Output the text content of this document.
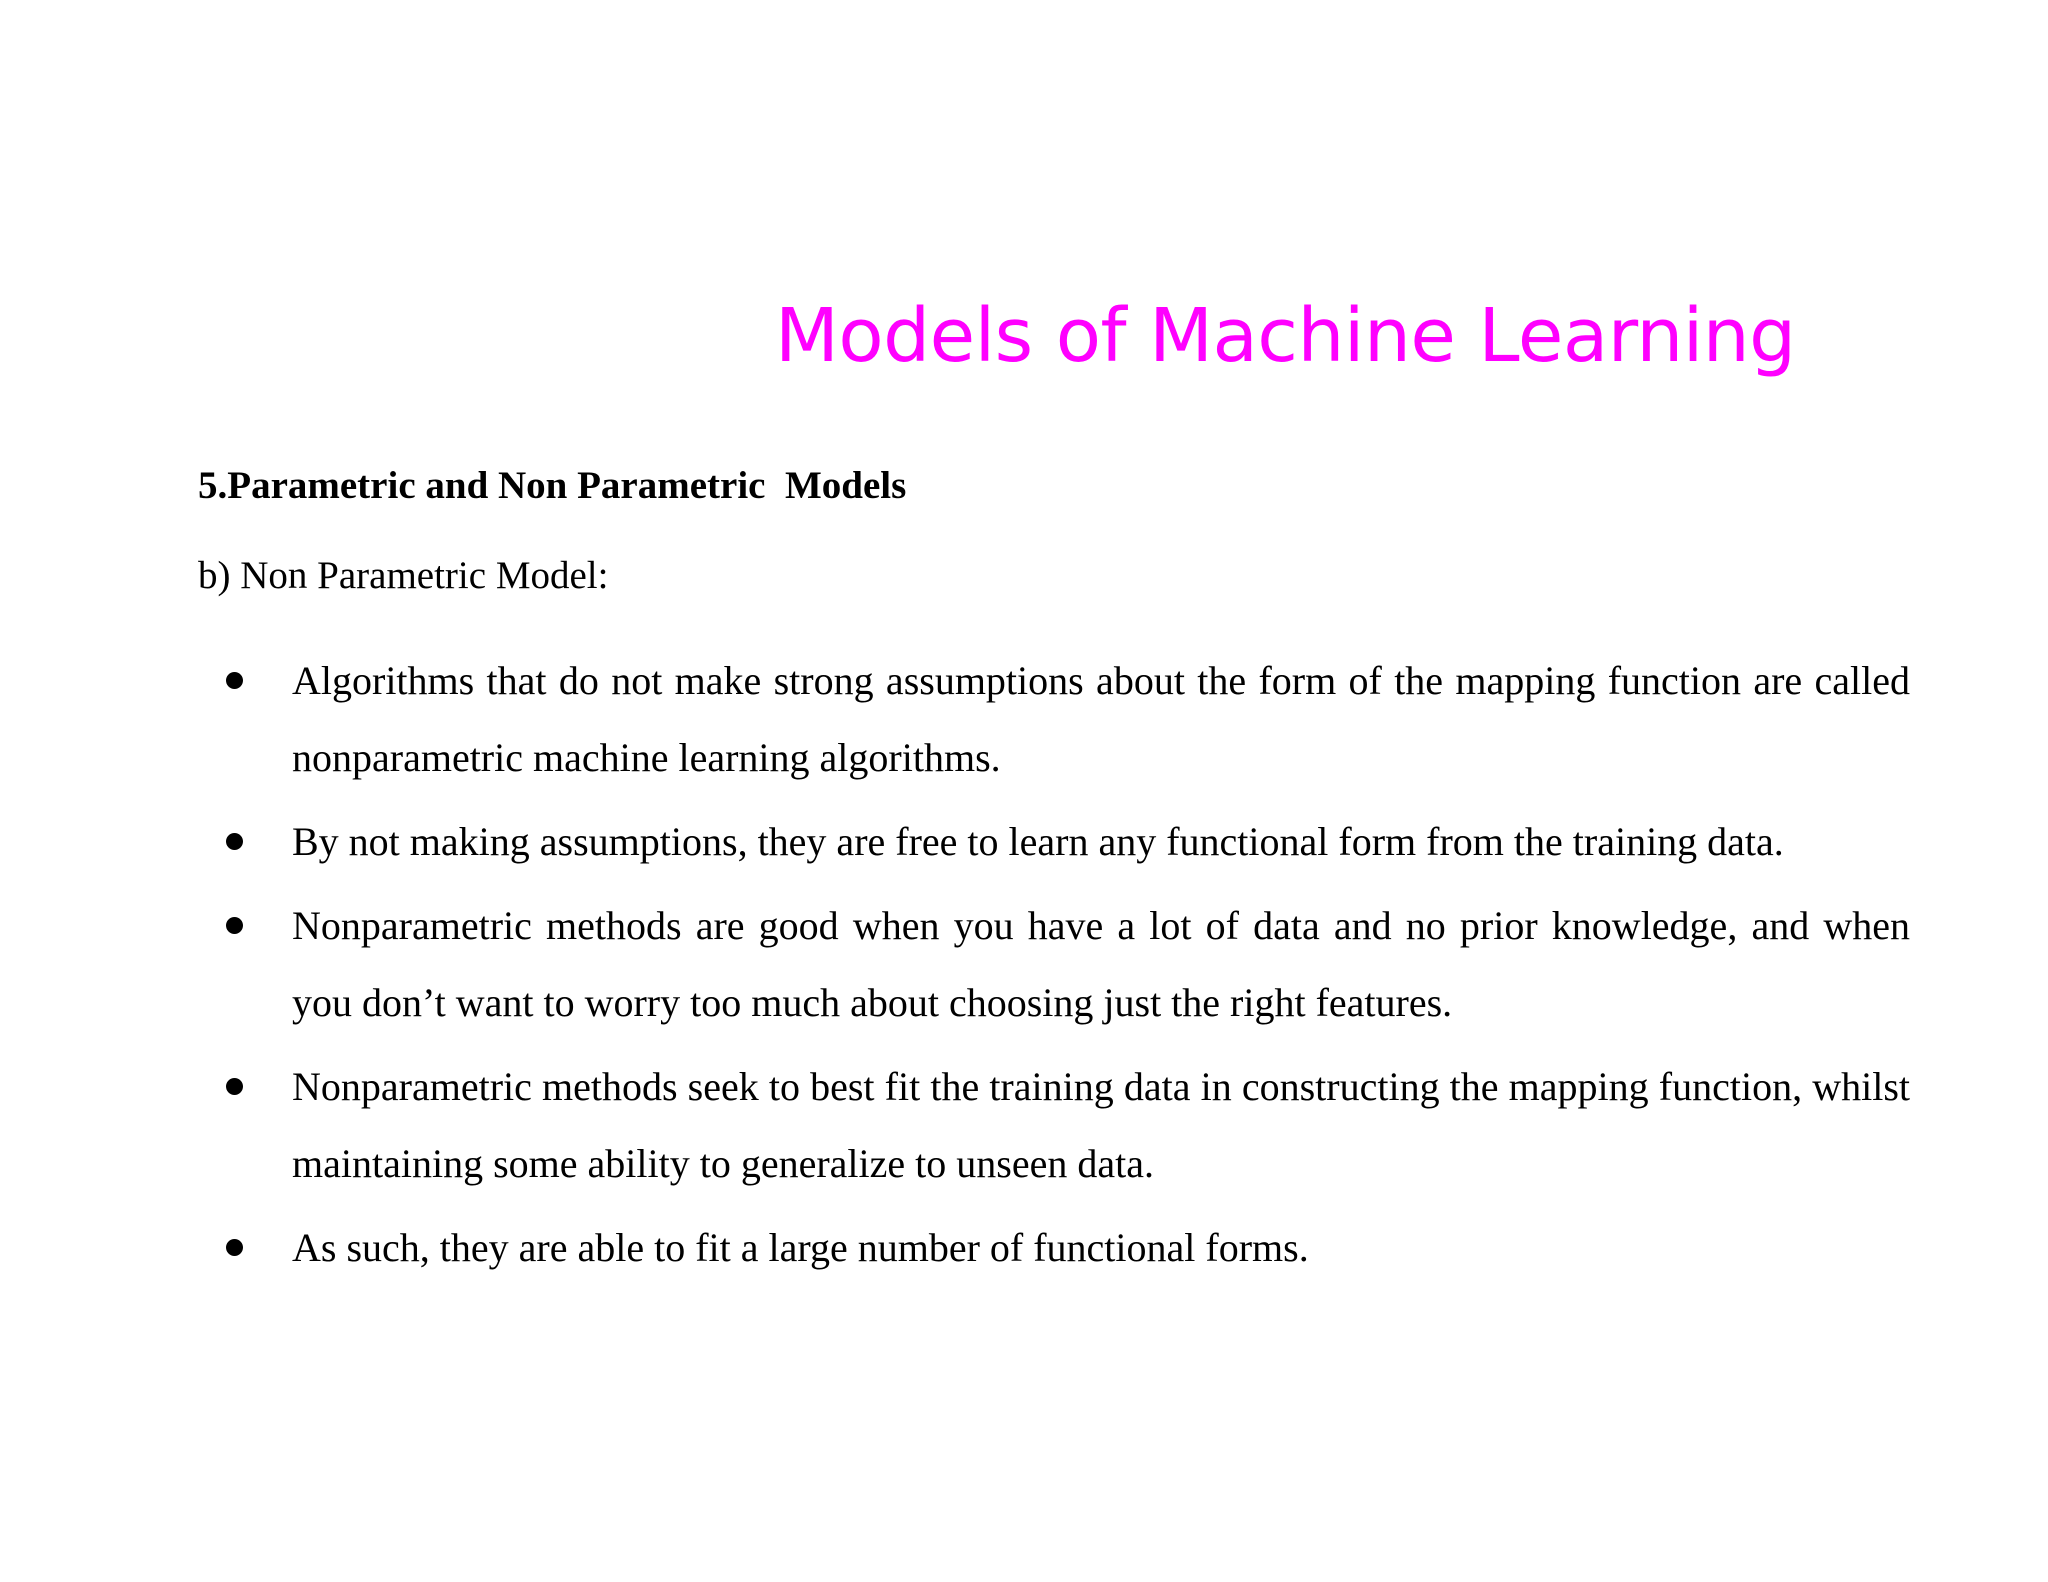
Models of Machine Learning
5.Parametric and Non Parametric  Models
b) Non Parametric Model:
Algorithms that do not make strong assumptions about the form of the mapping function are called nonparametric machine learning algorithms.
By not making assumptions, they are free to learn any functional form from the training data.
Nonparametric methods are good when you have a lot of data and no prior knowledge, and when you don’t want to worry too much about choosing just the right features.
Nonparametric methods seek to best fit the training data in constructing the mapping function, whilst maintaining some ability to generalize to unseen data.
As such, they are able to fit a large number of functional forms.
